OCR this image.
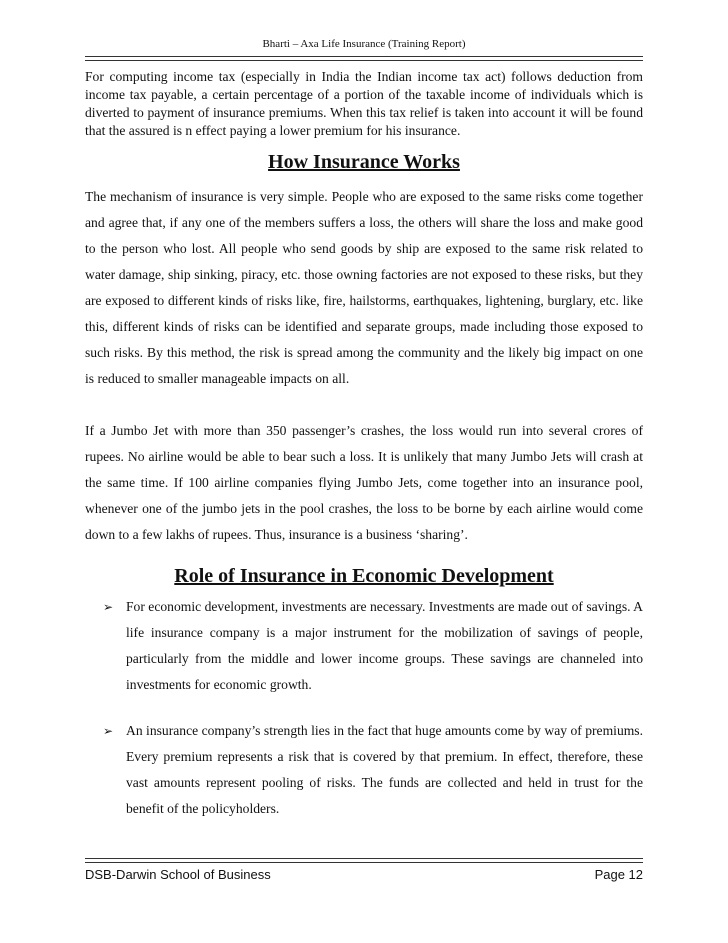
Bharti – Axa Life Insurance (Training Report)

For computing income tax (especially in India the Indian income tax act) follows deduction from income tax payable, a certain percentage of a portion of the taxable income of individuals which is diverted to payment of insurance premiums. When this tax relief is taken into account it will be found that the assured is n effect paying a lower premium for his insurance.

How Insurance Works

The mechanism of insurance is very simple. People who are exposed to the same risks come together and agree that, if any one of the members suffers a loss, the others will share the loss and make good to the person who lost. All people who send goods by ship are exposed to the same risk related to water damage, ship sinking, piracy, etc. those owning factories are not exposed to these risks, but they are exposed to different kinds of risks like, fire, hailstorms, earthquakes, lightening, burglary, etc. like this, different kinds of risks can be identified and separate groups, made including those exposed to such risks. By this method, the risk is spread among the community and the likely big impact on one is reduced to smaller manageable impacts on all.

If a Jumbo Jet with more than 350 passenger’s crashes, the loss would run into several crores of rupees. No airline would be able to bear such a loss. It is unlikely that many Jumbo Jets will crash at the same time. If 100 airline companies flying Jumbo Jets, come together into an insurance pool, whenever one of the jumbo jets in the pool crashes, the loss to be borne by each airline would come down to a few lakhs of rupees. Thus, insurance is a business ‘sharing’.

Role of Insurance in Economic Development
➢ For economic development, investments are necessary. Investments are made out of savings. A life insurance company is a major instrument for the mobilization of savings of people, particularly from the middle and lower income groups. These savings are channeled into investments for economic growth.

➢ An insurance company’s strength lies in the fact that huge amounts come by way of premiums. Every premium represents a risk that is covered by that premium. In effect, therefore, these vast amounts represent pooling of risks. The funds are collected and held in trust for the benefit of the policyholders.

DSB-Darwin School of Business	Page 12
